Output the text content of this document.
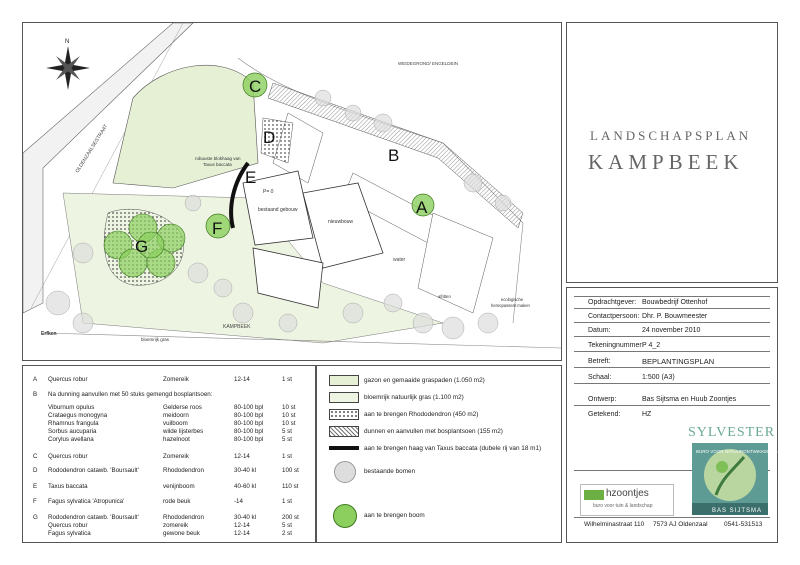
LANDSCHAPSPLAN
KAMPBEEK
OLDENZAALSESTRAAT
bestaand gebouw
nieuwbouw
P= 0
KAMPBEEK
water
WEIDEGROND/ ENGELDEIN
robuuste blokhaag van
Taxus baccata
afritten
ecologische
hemopassent maken
bloemrijk gras
Erfken
C
D
B
E
A
F
G
N
Opdrachtgever: Bouwbedrijf Ottenhof
Contactpersoon: Dhr. P. Bouwmeester
Datum:	24 november 2010
Tekeningnummer:
P 4_2
Betreft:	BEPLANTINGSPLAN
Schaal:	1:500 (A3)
Ontwerp:	Bas Sijtsma en Huub Zoontjes
Getekend:	HZ
hzoontjes
buro voor tuin & landschap
SYLVESTER
BURO VOOR NATUURONTWIKKELING
BAS SIJTSMA
Wilhelminastraat 110 7573 AJ Oldenzaal	0541-531513
A Quercus robur	Zomereik	12-14	1 st
B Na dunning aanvullen met 50 stuks gemengd bosplantsoen:
Viburnum opulus	Gelderse roos	80-100 bpl	10 st
Crataegus monogyna	meidoorn	80-100 bpl	10 st
Rhamnus frangula	vuilboom	80-100 bpl	10 st
Sorbus aucuparia	wilde lijsterbes	80-100 bpl	5 st
Corylus avellana	hazelnoot	80-100 bpl	5 st
C Quercus robur	Zomereik	12-14	1 st
D Rododendron catawb. 'Boursault'	Rhododendron	30-40 kl	100 st
E Taxus baccata	venijnboom	40-60 kl	110 st
F Fagus sylvatica 'Atropunica'	rode beuk	-14	1 st
G Rododendron catawb. 'Boursault'	Rhododendron	30-40 kl	200 st
Quercus robur	zomereik	12-14	5 st
Fagus sylvatica	gewone beuk	12-14	2 st
gazon en gemaaide graspaden (1.050 m2)
bloemrijk natuurlijk gras (1.100 m2)
aan te brengen Rhododendron (450 m2)
dunnen en aanvullen met bosplantsoen (155 m2)
aan te brengen haag van Taxus baccata (dubele rij van 18 m1)
bestaande bomen
aan te brengen boom
